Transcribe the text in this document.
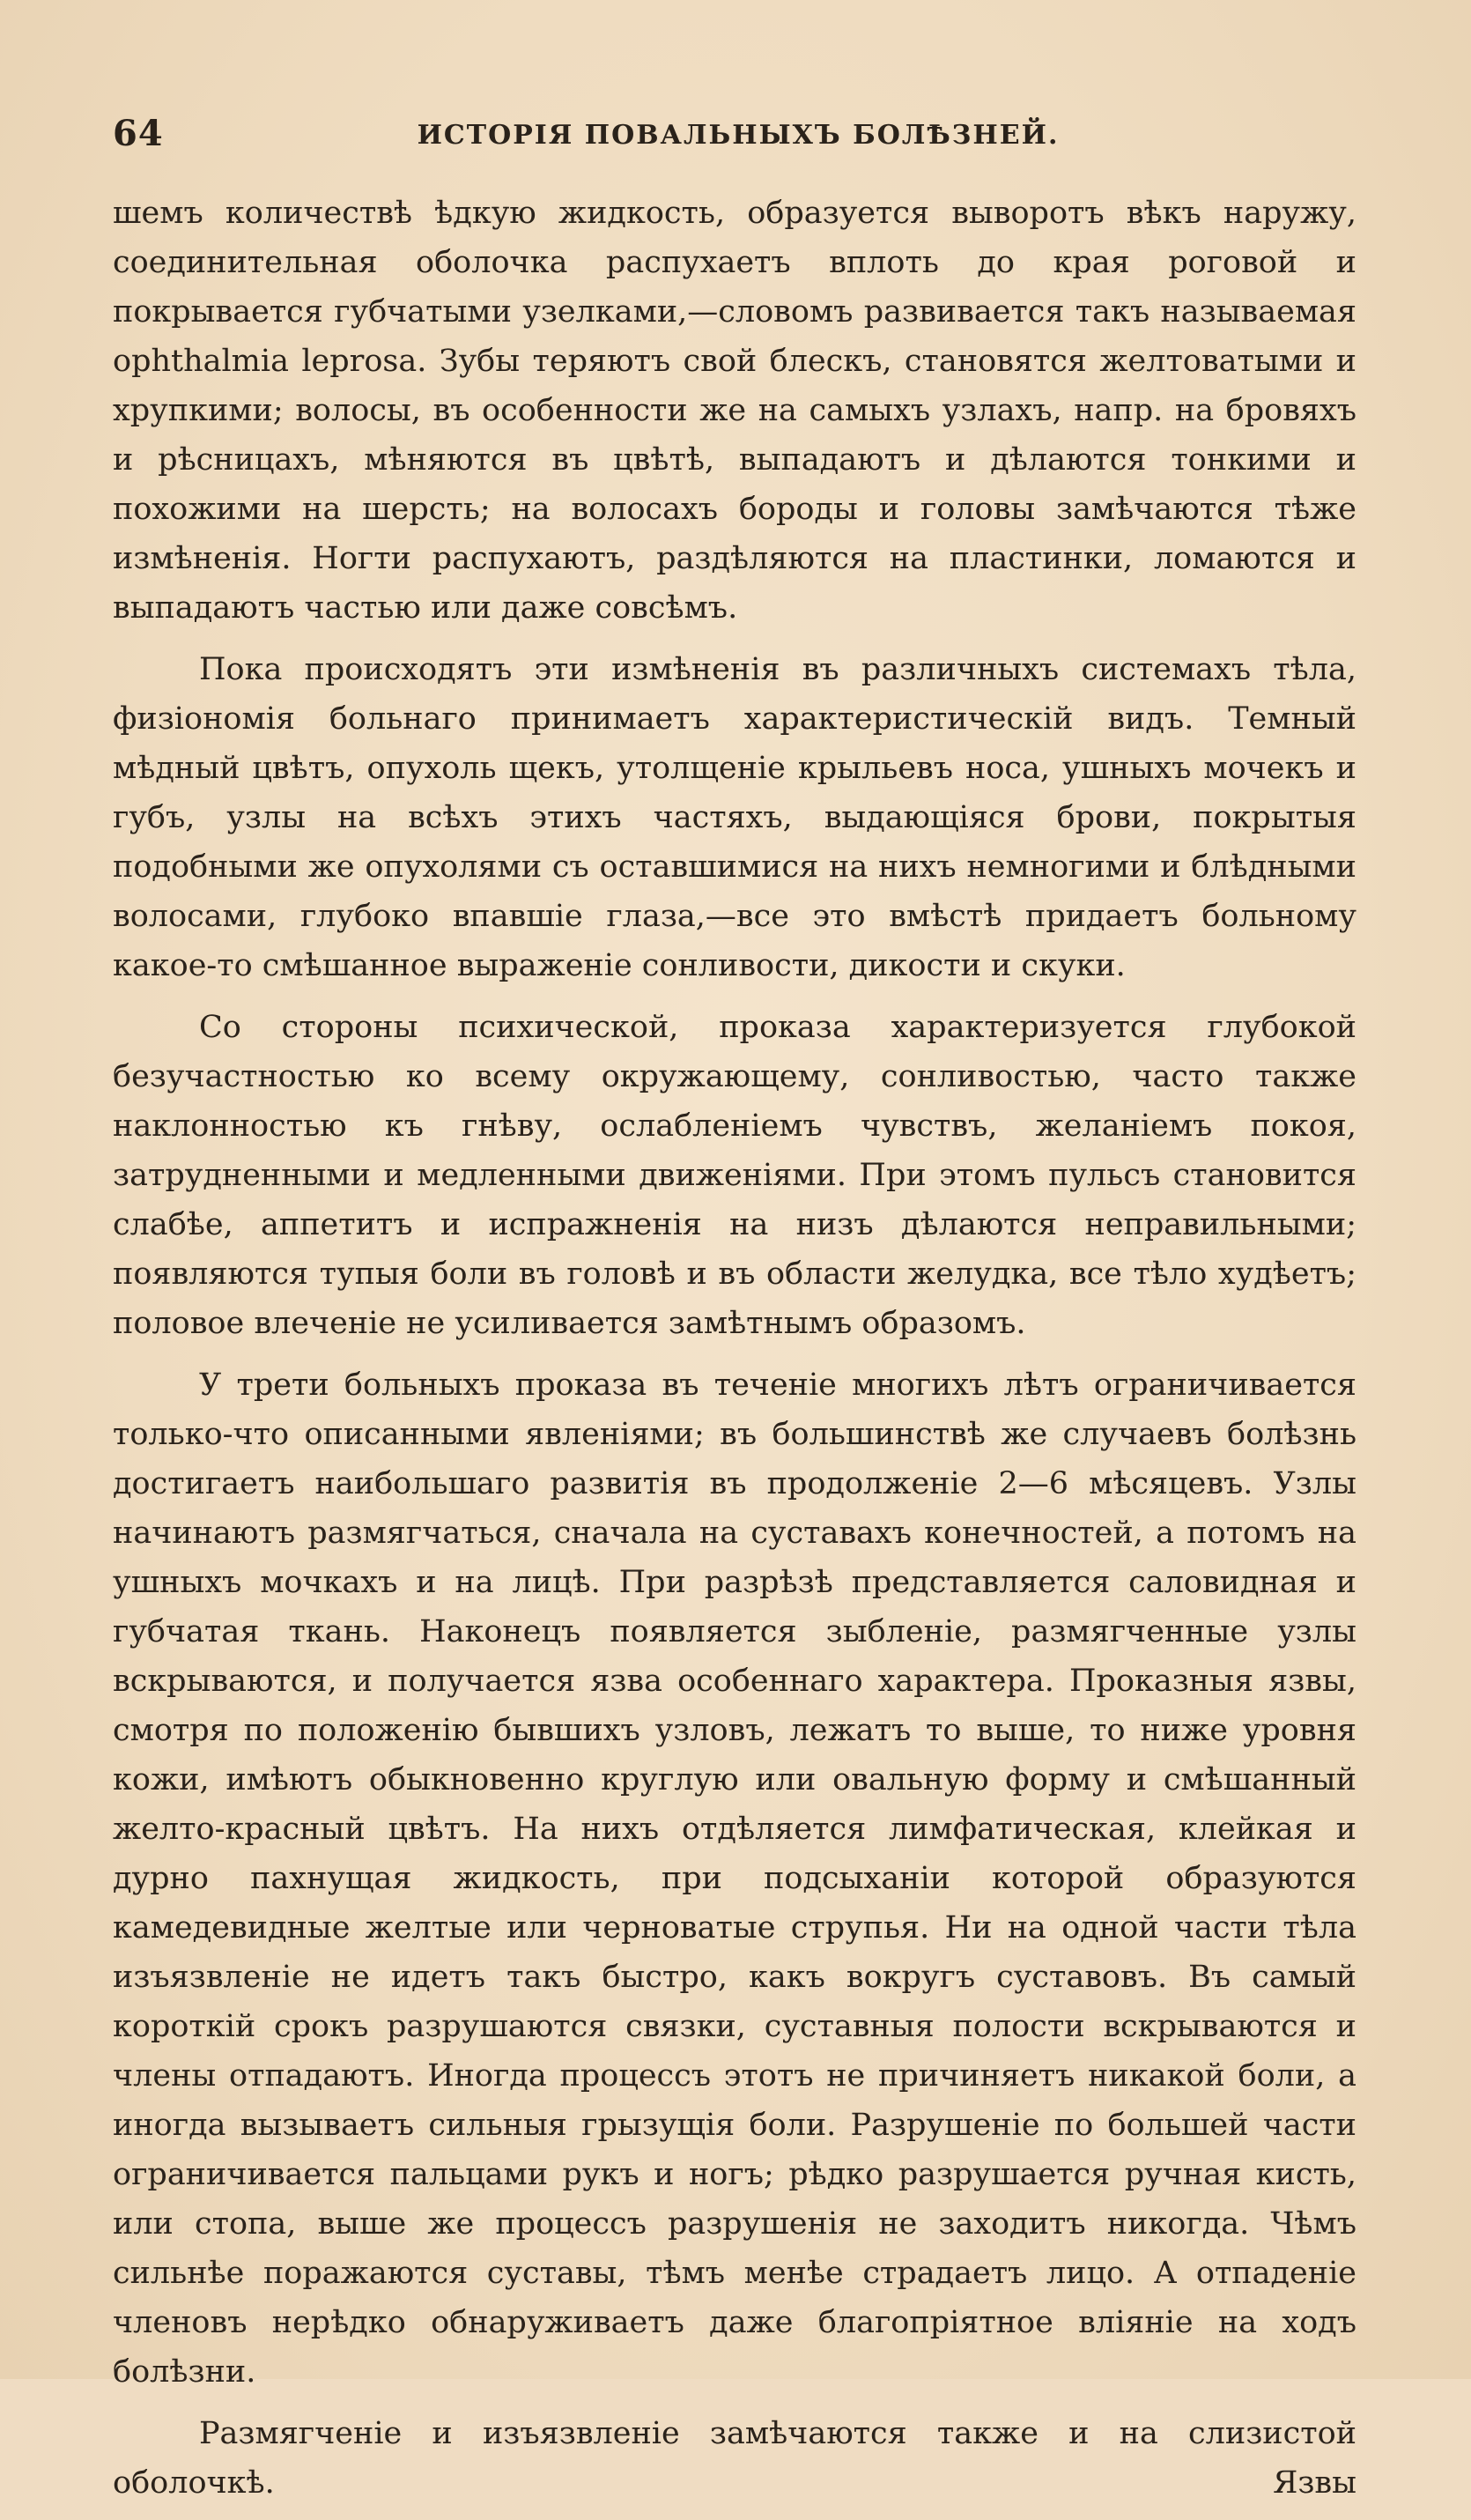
64	ИСТОРІЯ ПОВАЛЬНЫХЪ БОЛѢЗНЕЙ.

шемъ количествѣ ѣдкую жидкость, образуется выворотъ вѣкъ наружу, соединительная оболочка распухаетъ вплоть до края роговой и покрывается губчатыми узелками,—словомъ развивается такъ называемая ophthalmia leprosa. Зубы теряютъ свой блескъ, становятся желтоватыми и хрупкими; волосы, въ особенности же на самыхъ узлахъ, напр. на бровяхъ и рѣсницахъ, мѣняются въ цвѣтѣ, выпадаютъ и дѣлаются тонкими и похожими на шерсть; на волосахъ бороды и головы замѣчаются тѣже измѣненія. Ногти распухаютъ, раздѣляются на пластинки, ломаются и выпадаютъ частью или даже совсѣмъ.

Пока происходятъ эти измѣненія въ различныхъ системахъ тѣла, физіономія больнаго принимаетъ характеристическій видъ. Темный мѣдный цвѣтъ, опухоль щекъ, утолщеніе крыльевъ носа, ушныхъ мочекъ и губъ, узлы на всѣхъ этихъ частяхъ, выдающіяся брови, покрытыя подобными же опухолями съ оставшимися на нихъ немногими и блѣдными волосами, глубоко впавшіе глаза,—все это вмѣстѣ придаетъ больному какое-то смѣшанное выраженіе сонливости, дикости и скуки.

Со стороны психической, проказа характеризуется глубокой безучастностью ко всему окружающему, сонливостью, часто также наклонностью къ гнѣву, ослабленіемъ чувствъ, желаніемъ покоя, затрудненными и медленными движеніями. При этомъ пульсъ становится слабѣе, аппетитъ и испражненія на низъ дѣлаются неправильными; появляются тупыя боли въ головѣ и въ области желудка, все тѣло худѣетъ; половое влеченіе не усиливается замѣтнымъ образомъ.

У трети больныхъ проказа въ теченіе многихъ лѣтъ ограничивается только-что описанными явленіями; въ большинствѣ же случаевъ болѣзнь достигаетъ наибольшаго развитія въ продолженіе 2—6 мѣсяцевъ. Узлы начинаютъ размягчаться, сначала на суставахъ конечностей, а потомъ на ушныхъ мочкахъ и на лицѣ. При разрѣзѣ представляется саловидная и губчатая ткань. Наконецъ появляется зыбленіе, размягченные узлы вскрываются, и получается язва особеннаго характера. Проказныя язвы, смотря по положенію бывшихъ узловъ, лежатъ то выше, то ниже уровня кожи, имѣютъ обыкновенно круглую или овальную форму и смѣшанный желто-красный цвѣтъ. На нихъ отдѣляется лимфатическая, клейкая и дурно пахнущая жидкость, при подсыханіи которой образуются камедевидные желтые или черноватые струпья. Ни на одной части тѣла изъязвленіе не идетъ такъ быстро, какъ вокругъ суставовъ. Въ самый короткій срокъ разрушаются связки, суставныя полости вскрываются и члены отпадаютъ. Иногда процессъ этотъ не причиняетъ никакой боли, а иногда вызываетъ сильныя грызущія боли. Разрушеніе по большей части ограничивается пальцами рукъ и ногъ; рѣдко разрушается ручная кисть, или стопа, выше же процессъ разрушенія не заходитъ никогда. Чѣмъ сильнѣе поражаются суставы, тѣмъ менѣе страдаетъ лицо. А отпаденіе членовъ нерѣдко обнаруживаетъ даже благопріятное вліяніе на ходъ болѣзни.

Размягченіе и изъязвленіе замѣчаются также и на слизистой оболочкѣ. Язвы
